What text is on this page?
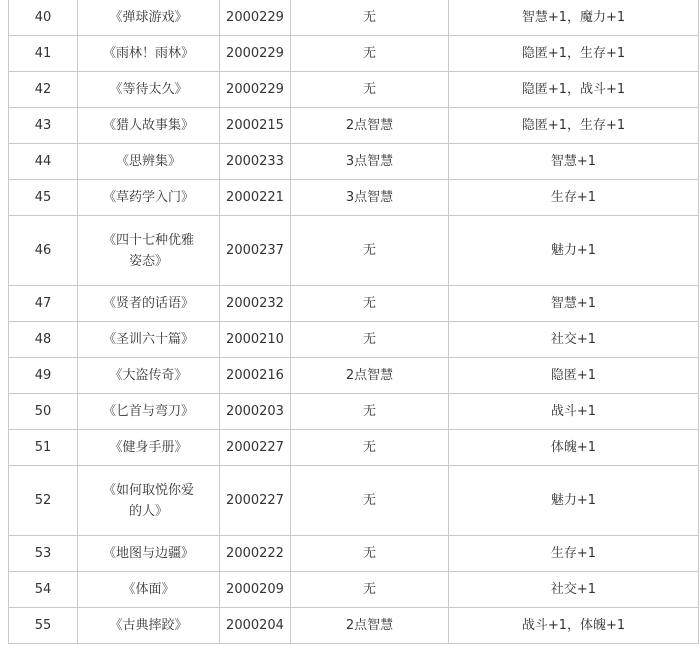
40	《弹球游戏》	2000229	无	智慧+1，魔力+1
41	《雨林！雨林》	2000229	无	隐匿+1，生存+1
42	《等待太久》	2000229	无	隐匿+1，战斗+1
43	《猎人故事集》	2000215	2点智慧	隐匿+1，生存+1
44	《思辨集》	2000233	3点智慧	智慧+1
45	《草药学入门》	2000221	3点智慧	生存+1
46	《四十七种优雅姿态》	2000237	无	魅力+1
47	《贤者的话语》	2000232	无	智慧+1
48	《圣训六十篇》	2000210	无	社交+1
49	《大盗传奇》	2000216	2点智慧	隐匿+1
50	《匕首与弯刀》	2000203	无	战斗+1
51	《健身手册》	2000227	无	体魄+1
52	《如何取悦你爱的人》	2000227	无	魅力+1
53	《地图与边疆》	2000222	无	生存+1
54	《体面》	2000209	无	社交+1
55	《古典摔跤》	2000204	2点智慧	战斗+1，体魄+1
